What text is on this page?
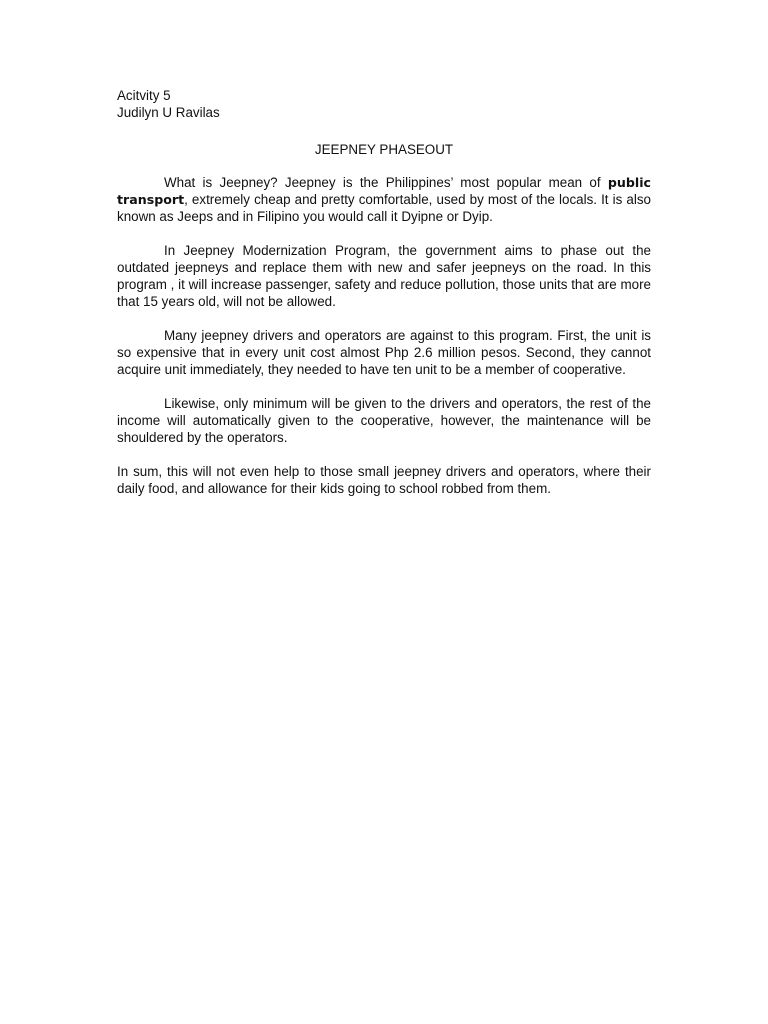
Acitvity 5
Judilyn U Ravilas
JEEPNEY PHASEOUT

What is Jeepney? Jeepney is the Philippines’ most popular mean of public transport, extremely cheap and pretty comfortable, used by most of the locals. It is also known as Jeeps and in Filipino you would call it Dyipne or Dyip.

In Jeepney Modernization Program, the government aims to phase out the outdated jeepneys and replace them with new and safer jeepneys on the road. In this program , it will increase passenger, safety and reduce pollution, those units that are more that 15 years old, will not be allowed.

Many jeepney drivers and operators are against to this program. First, the unit is so expensive that in every unit cost almost Php 2.6 million pesos. Second, they cannot acquire unit immediately, they needed to have ten unit to be a member of cooperative.

Likewise, only minimum will be given to the drivers and operators, the rest of the income will automatically given to the cooperative, however, the maintenance will be shouldered by the operators.

In sum, this will not even help to those small jeepney drivers and operators, where their daily food, and allowance for their kids going to school robbed from them.
